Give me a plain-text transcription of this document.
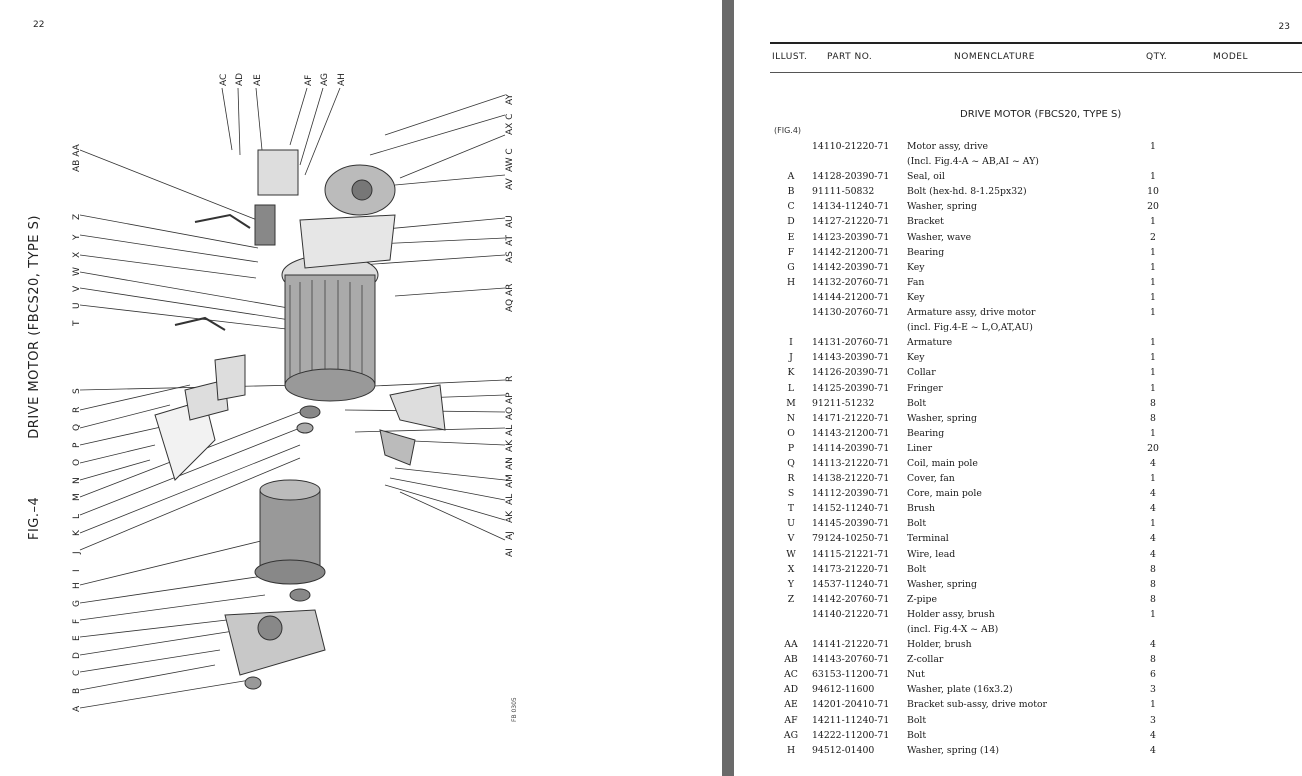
22
FIG.–4
DRIVE MOTOR (FBCS20, TYPE S)
FB 0305
AC AD AE	AF AG AH
AY
AX C
AW C
AV
AU
AT
AS
AR
AQ
R
AP
AO
AL
AK
AN
AM
AL
AK
AJ
AI
AB AA
Z
Y
X
W
V
U
T
S
R
Q
P
O
N
M
L
K
J
I
H
G
F
E
D
C
B
A
23
ILLUST. PART NO.	NOMENCLATURE	QTY.	MODEL
DRIVE MOTOR (FBCS20, TYPE S)
(FIG.4)
14110-21220-71 Motor assy, drive	1
(Incl. Fig.4-A ~ AB,AI ~ AY)
A	14128-20390-71 Seal, oil	1
B	91111-50832	Bolt (hex-hd. 8-1.25px32)	10
C	14134-11240-71 Washer, spring	20
D	14127-21220-71 Bracket	1
E	14123-20390-71 Washer, wave	2
F	14142-21200-71 Bearing	1
G	14142-20390-71 Key	1
H	14132-20760-71 Fan	1
14144-21200-71 Key	1
14130-20760-71 Armature assy, drive motor	1
(incl. Fig.4-E ~ L,O,AT,AU)
I	14131-20760-71 Armature	1
J	14143-20390-71 Key	1
K	14126-20390-71 Collar	1
L	14125-20390-71 Fringer	1
M	91211-51232	Bolt	8
N	14171-21220-71 Washer, spring	8
O	14143-21200-71 Bearing	1
P	14114-20390-71 Liner	20
Q	14113-21220-71 Coil, main pole	4
R	14138-21220-71 Cover, fan	1
S	14112-20390-71 Core, main pole	4
T	14152-11240-71 Brush	4
U	14145-20390-71 Bolt	1
V	79124-10250-71 Terminal	4
W	14115-21221-71 Wire, lead	4
X	14173-21220-71 Bolt	8
Y	14537-11240-71 Washer, spring	8
Z	14142-20760-71 Z-pipe	8
14140-21220-71 Holder assy, brush	1
(incl. Fig.4-X ~ AB)
AA	14141-21220-71 Holder, brush	4
AB	14143-20760-71 Z-collar	8
AC	63153-11200-71 Nut	6
AD	94612-11600	Washer, plate (16x3.2)	3
AE	14201-20410-71 Bracket sub-assy, drive motor	1
AF	14211-11240-71 Bolt	3
AG	14222-11200-71 Bolt	4
H	94512-01400	Washer, spring (14)	4
